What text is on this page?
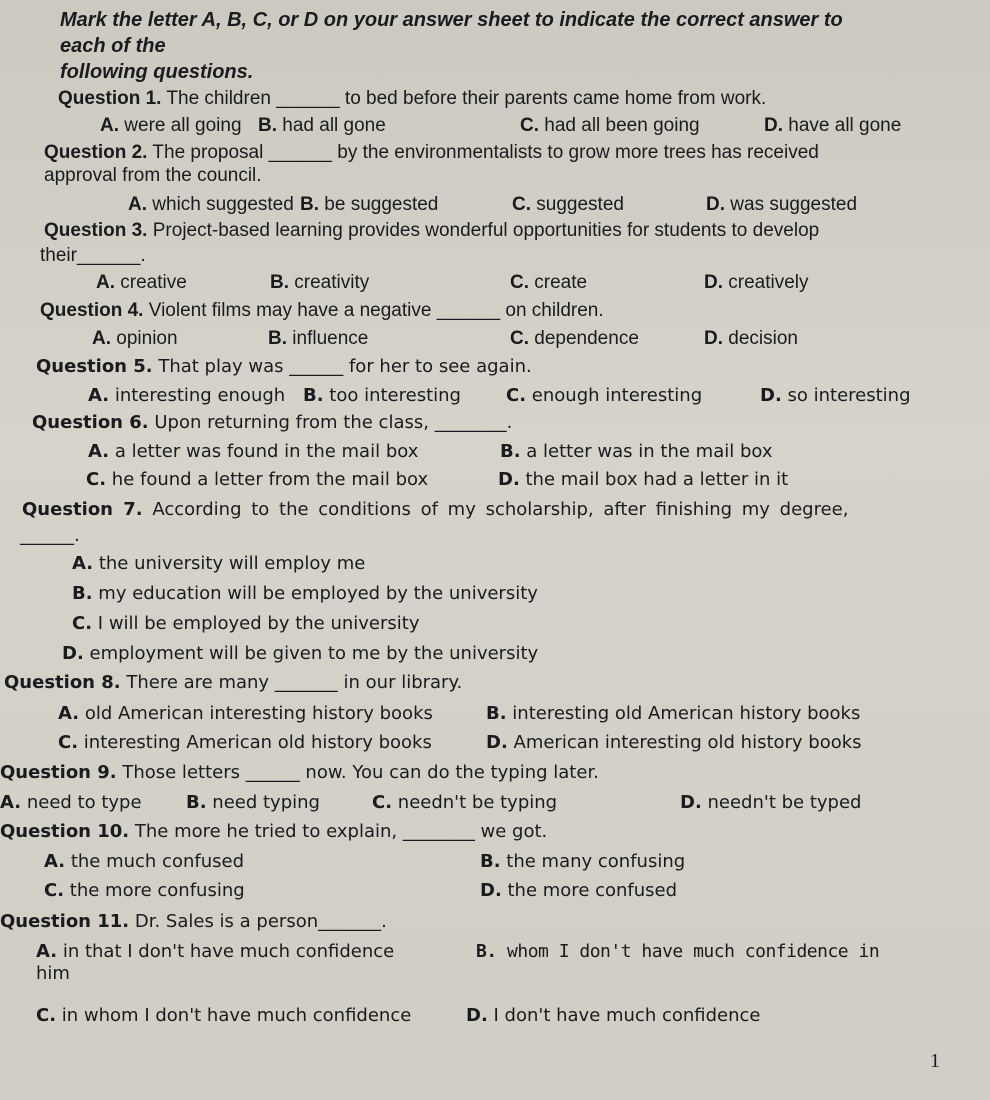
Mark the letter A, B, C, or D on your answer sheet to indicate the correct answer to
each of the
following questions.
Question 1. The children ______ to bed before their parents came home from work.
A. were all going B. had all gone	C. had all been going	D. have all gone
Question 2. The proposal ______ by the environmentalists to grow more trees has received
approval from the council.
A. which suggested B. be suggested	C. suggested	D. was suggested
Question 3. Project-based learning provides wonderful opportunities for students to develop
their______.
A. creative	B. creativity	C. create	D. creatively
Question 4. Violent films may have a negative ______ on children.
A. opinion	B. influence	C. dependence	D. decision
Question 5. That play was ______ for her to see again.
A. interesting enough B. too interesting	C. enough interesting	D. so interesting
Question 6. Upon returning from the class, ________.
A. a letter was found in the mail box	B. a letter was in the mail box
C. he found a letter from the mail box	D. the mail box had a letter in it
Question 7. According to the conditions of my scholarship, after finishing my degree,
______.
A. the university will employ me
B. my education will be employed by the university
C. I will be employed by the university
D. employment will be given to me by the university
Question 8. There are many _______ in our library.
A. old American interesting history books	B. interesting old American history books
C. interesting American old history books	D. American interesting old history books
Question 9. Those letters ______ now. You can do the typing later.
A. need to type B. need typing	C. needn't be typing	D. needn't be typed
Question 10. The more he tried to explain, ________ we got.
A. the much confused	B. the many confusing
C. the more confusing	D. the more confused
Question 11. Dr. Sales is a person_______.
A. in that I don't have much confidence	B. whom I don't have much confidence in
him
C. in whom I don't have much confidence	D. I don't have much confidence
1
